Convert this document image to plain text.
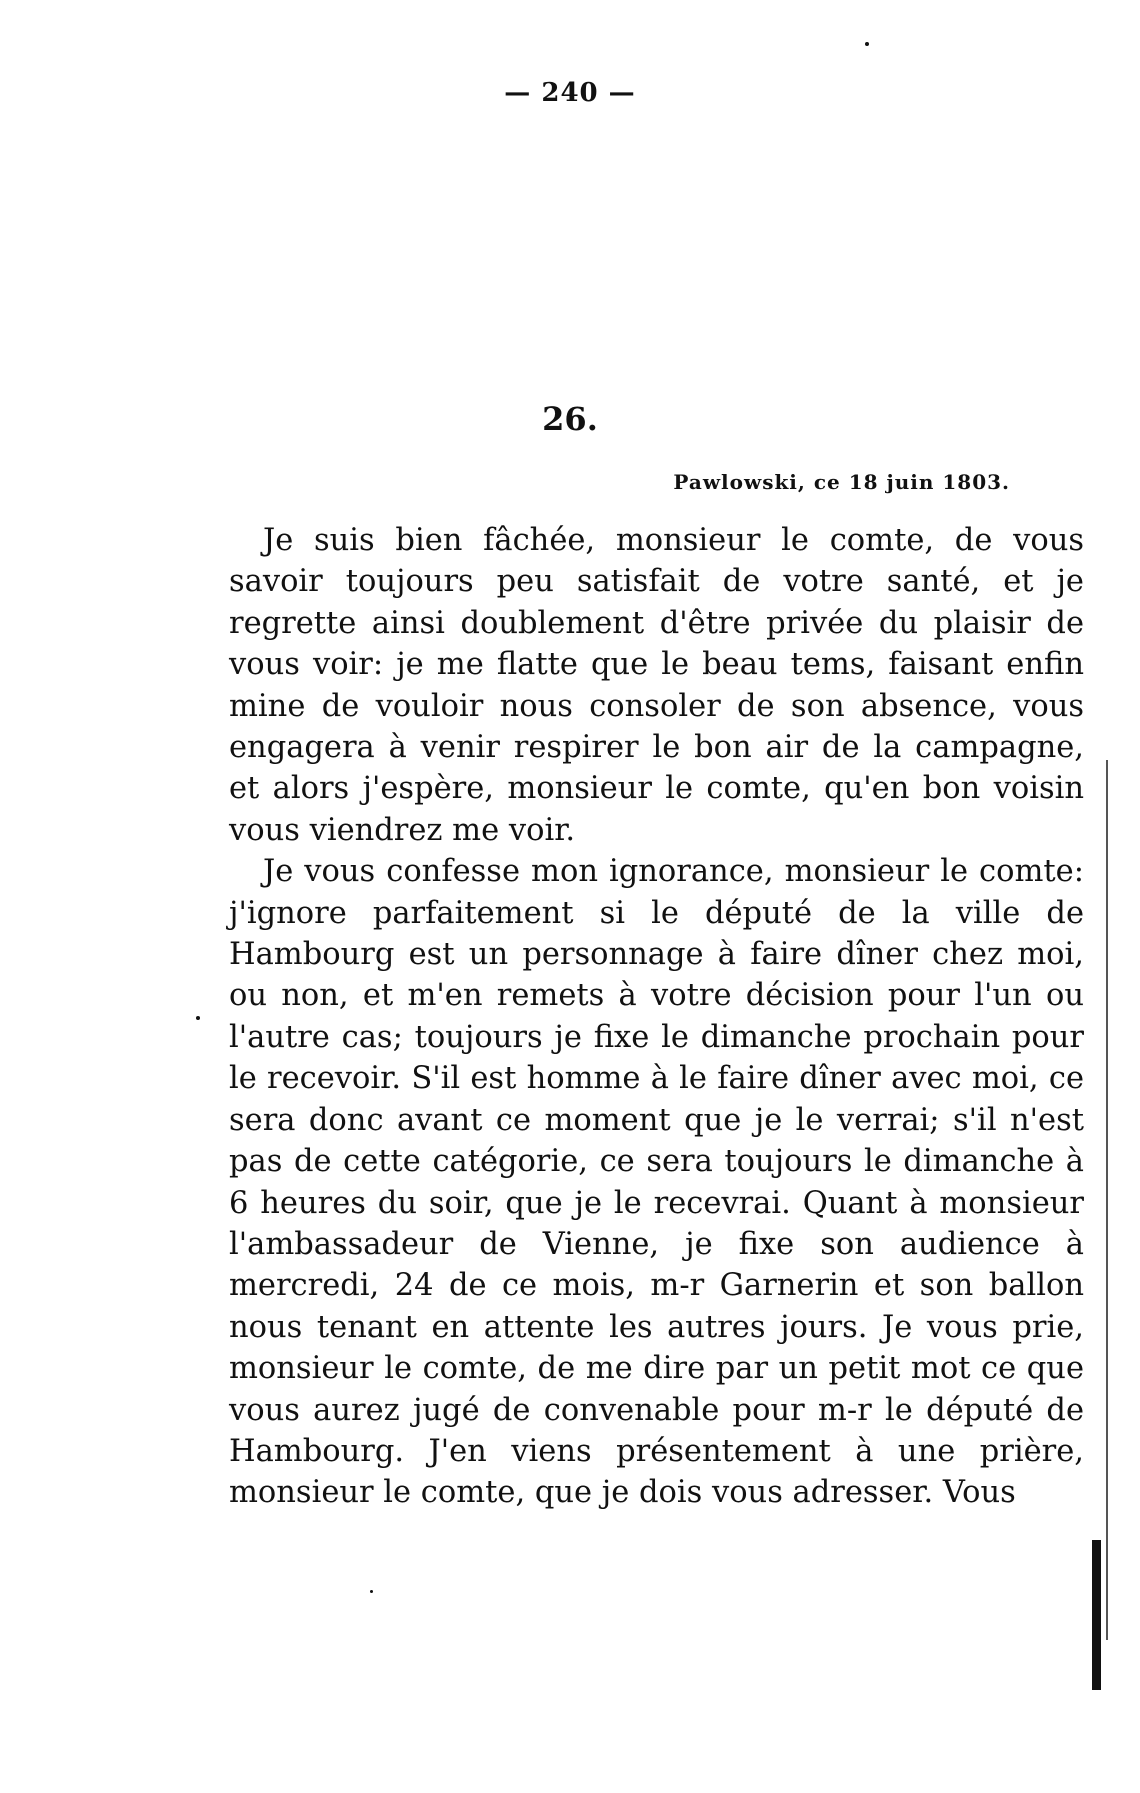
— 240 —
26.
Pawlowski, ce 18 juin 1803.

Je suis bien fâchée, monsieur le comte, de vous savoir toujours peu satisfait de votre santé, et je regrette ainsi doublement d'être privée du plaisir de vous voir: je me flatte que le beau tems, faisant enfin mine de vouloir nous consoler de son absence, vous engagera à venir respirer le bon air de la campagne, et alors j'espère, monsieur le comte, qu'en bon voisin vous viendrez me voir.

Je vous confesse mon ignorance, monsieur le comte: j'ignore parfaitement si le député de la ville de Hambourg est un personnage à faire dîner chez moi, ou non, et m'en remets à votre décision pour l'un ou l'autre cas; toujours je fixe le dimanche prochain pour le recevoir. S'il est homme à le faire dîner avec moi, ce sera donc avant ce moment que je le verrai; s'il n'est pas de cette catégorie, ce sera toujours le dimanche à 6 heures du soir, que je le recevrai. Quant à monsieur l'ambassadeur de Vienne, je fixe son audience à mercredi, 24 de ce mois, m-r Garnerin et son ballon nous tenant en attente les autres jours. Je vous prie, monsieur le comte, de me dire par un petit mot ce que vous aurez jugé de convenable pour m-r le député de Hambourg. J'en viens présentement à une prière, monsieur le comte, que je dois vous adresser. Vous
